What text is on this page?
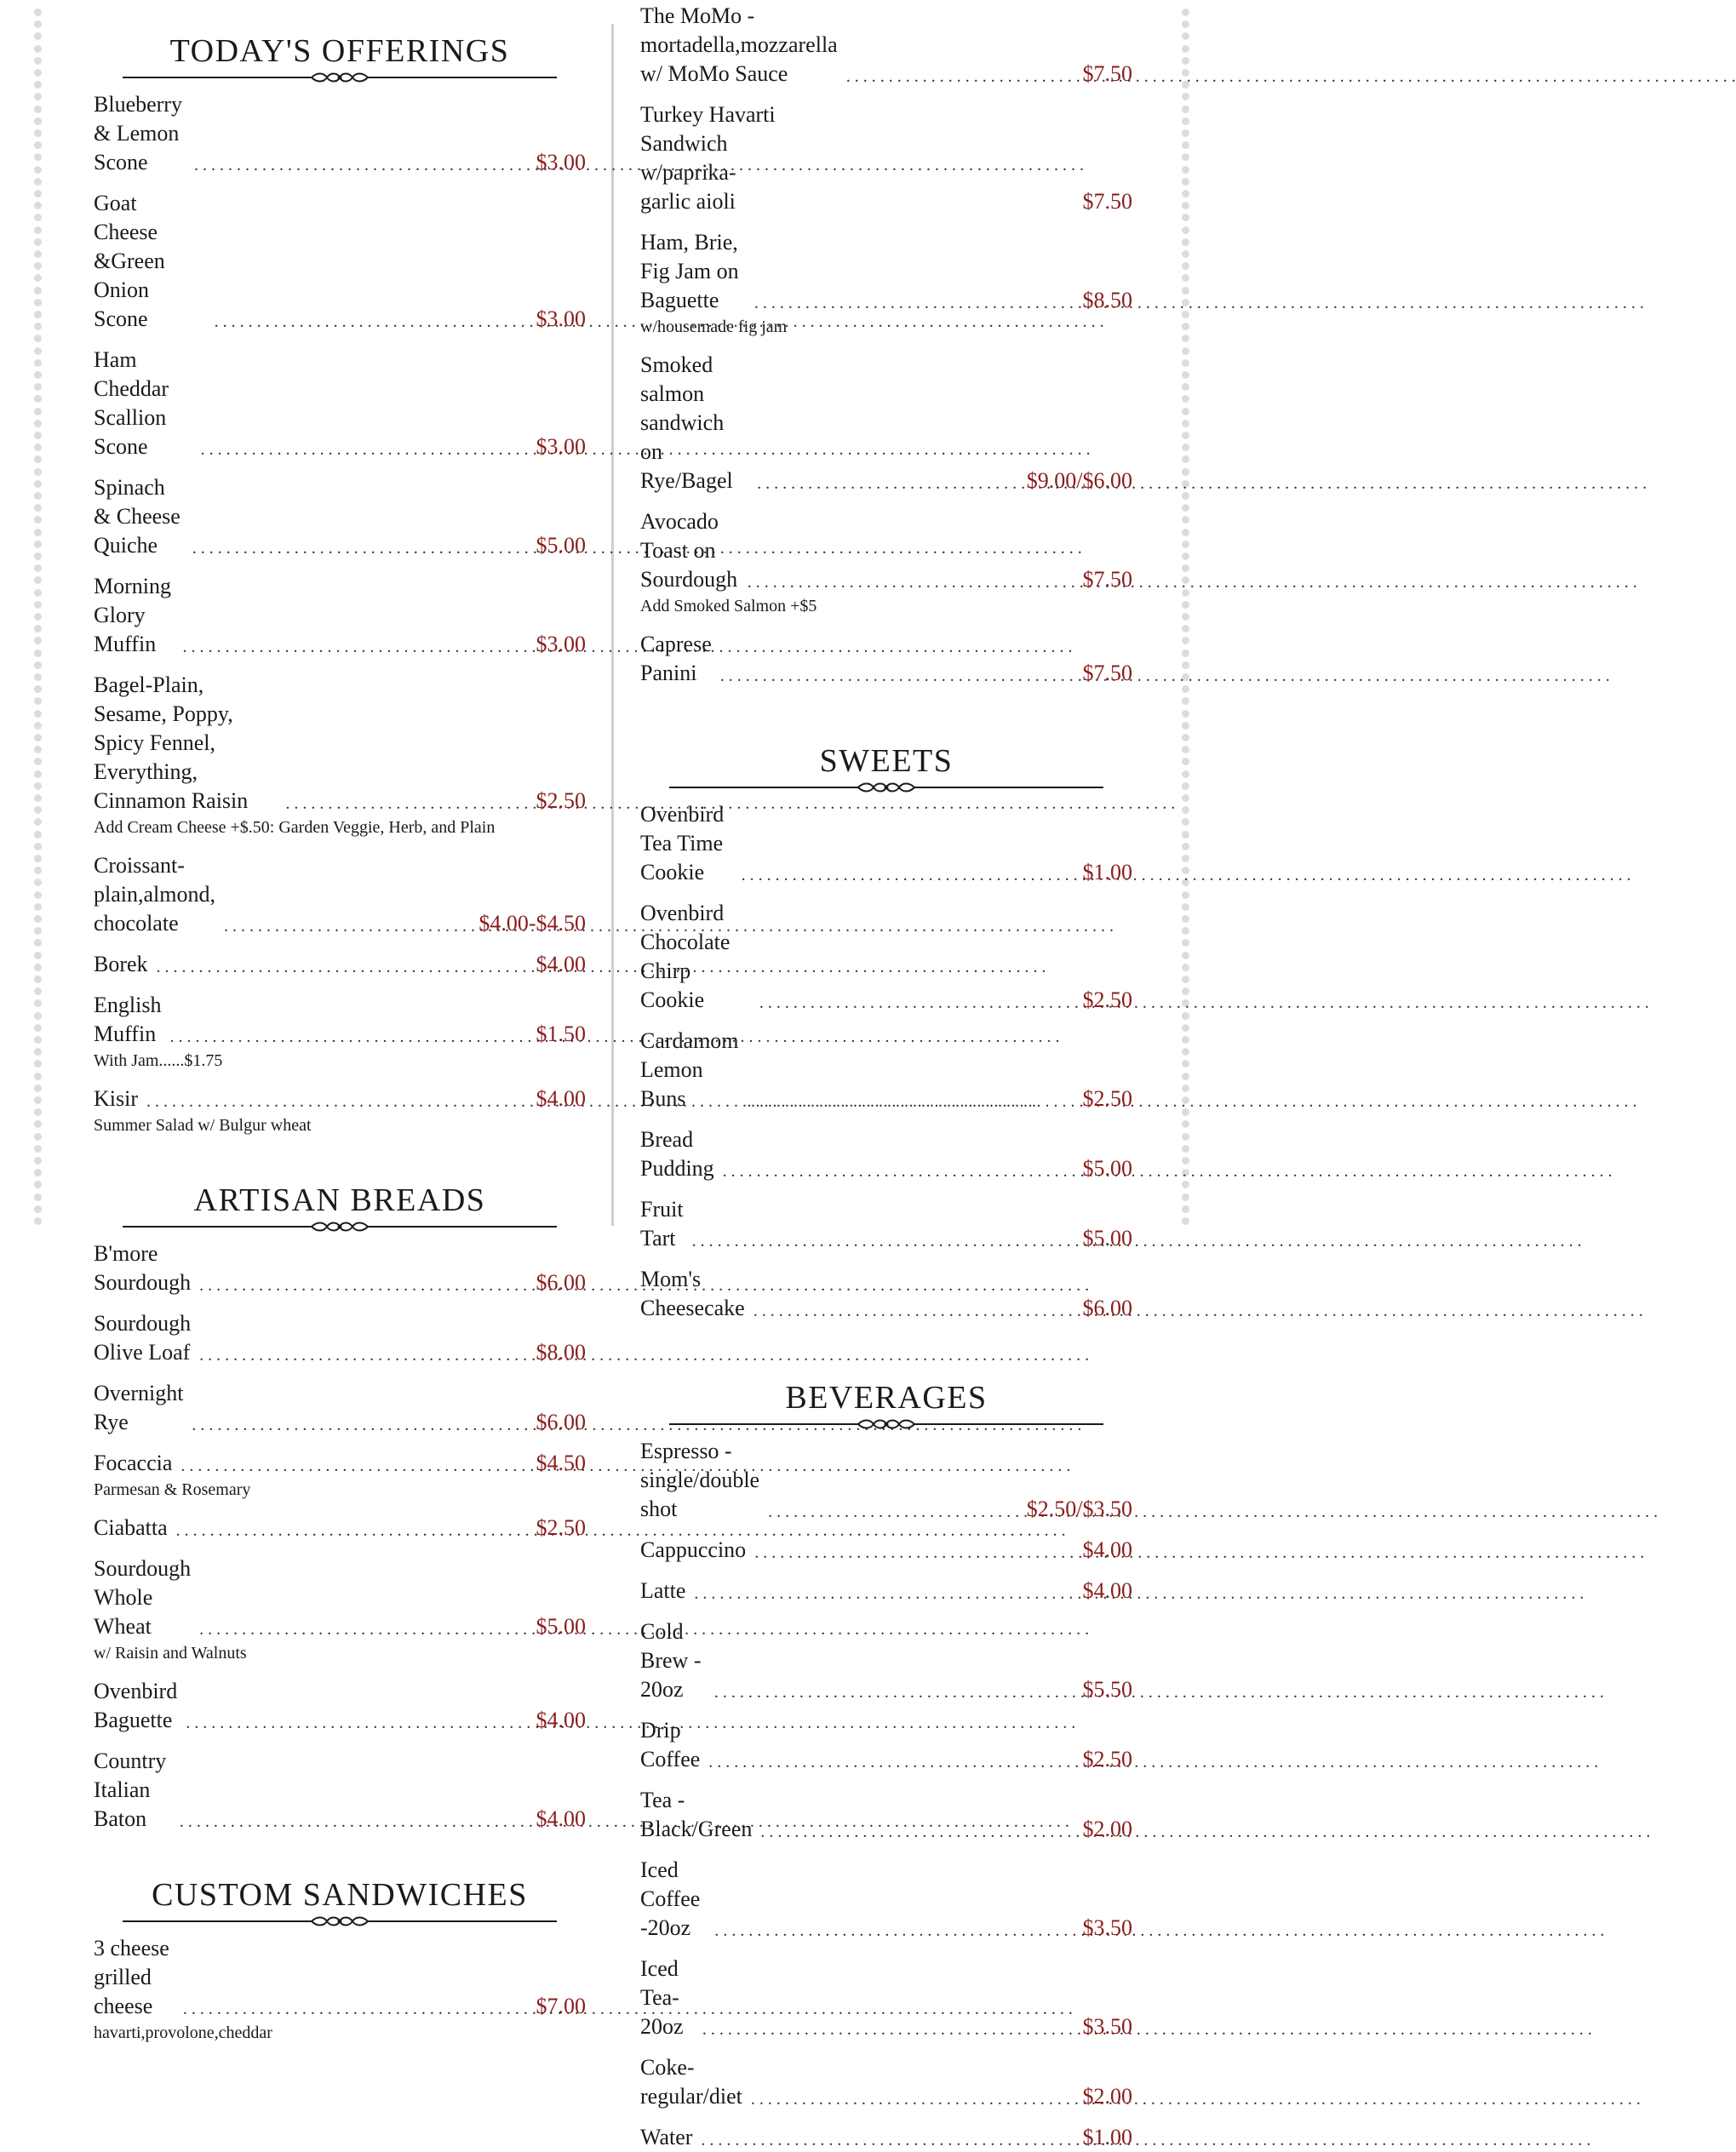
TODAY'S OFFERINGS
Blueberry & Lemon Scone . . .	$3.00
Goat Cheese &Green Onion Scone . . .	$3.00
Ham Cheddar Scallion Scone . . .	$3.00
Spinach & Cheese Quiche . . .	$5.00
Morning Glory Muffin . . .	$3.00
Bagel-Plain, Sesame, Poppy, Spicy Fennel, Everything, Cinnamon Raisin . . .	$2.50
Add Cream Cheese +$.50: Garden Veggie, Herb, and Plain
Croissant-plain,almond, chocolate . . .	$4.00-$4.50
Borek . . .	$4.00
English Muffin . . .	$1.50
With Jam......$1.75
Kisir . . .	$4.00
Summer Salad w/ Bulgur wheat
ARTISAN BREADS
B'more Sourdough . . .	$6.00
Sourdough Olive Loaf . . .	$8.00
Overnight Rye . . .	$6.00
Focaccia . . .	$4.50
Parmesan & Rosemary
Ciabatta . . .	$2.50
Sourdough Whole Wheat . . .	$5.00
w/ Raisin and Walnuts
Ovenbird Baguette . . .	$4.00
Country Italian Baton . . .	$4.00
CUSTOM SANDWICHES
3 cheese grilled cheese . . .	$7.00
havarti,provolone,cheddar
The MoMo -mortadella,mozzarella w/ MoMo Sauce . . .	$7.50
Turkey Havarti Sandwich w/paprika-garlic aioli	$7.50
Ham, Brie, Fig Jam on Baguette . . .	$8.50
w/housemade fig jam
Smoked salmon sandwich on Rye/Bagel . . .	$9.00/$6.00
Avocado Toast on Sourdough . . .	$7.50
Add Smoked Salmon +$5
Caprese Panini . . .	$7.50
SWEETS
Ovenbird Tea Time Cookie . . .	$1.00
Ovenbird Chocolate Chirp Cookie . . .	$2.50
Cardamom Lemon Buns . . .	$2.50
Bread Pudding . . .	$5.00
Fruit Tart . . .	$5.00
Mom's Cheesecake . . .	$6.00
BEVERAGES
Espresso -single/double shot . . .	$2.50/$3.50
Cappuccino . . .	$4.00
Latte . . .	$4.00
Cold Brew - 20oz . . .	$5.50
Drip Coffee . . .	$2.50
Tea -Black/Green . . .	$2.00
Iced Coffee -20oz . . .	$3.50
Iced Tea-20oz . . .	$3.50
Coke-regular/diet . . .	$2.00
Water . . .	$1.00
